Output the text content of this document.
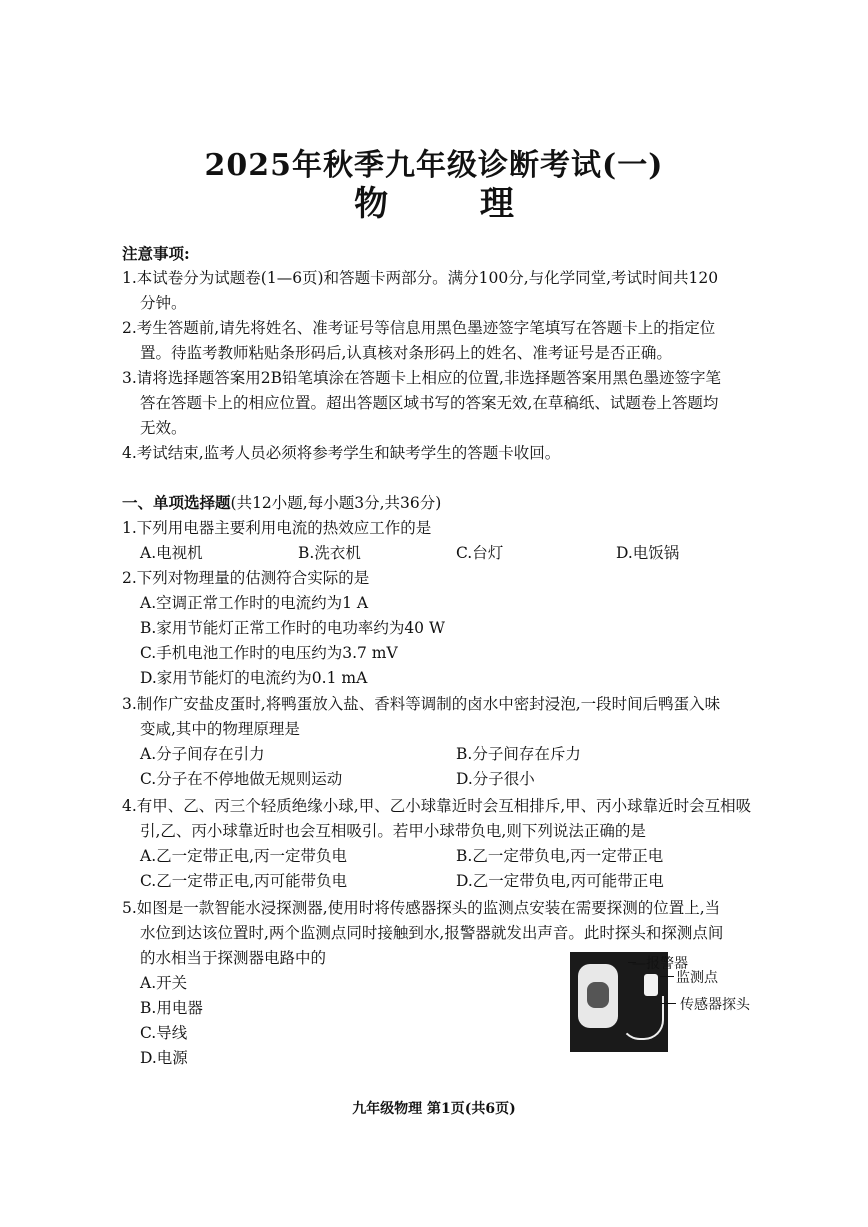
2025年秋季九年级诊断考试(一)
物 理
注意事项:
1.本试卷分为试题卷(1—6页)和答题卡两部分。满分100分,与化学同堂,考试时间共120
分钟。
2.考生答题前,请先将姓名、准考证号等信息用黑色墨迹签字笔填写在答题卡上的指定位
置。待监考教师粘贴条形码后,认真核对条形码上的姓名、准考证号是否正确。
3.请将选择题答案用2B铅笔填涂在答题卡上相应的位置,非选择题答案用黑色墨迹签字笔
答在答题卡上的相应位置。超出答题区域书写的答案无效,在草稿纸、试题卷上答题均
无效。
4.考试结束,监考人员必须将参考学生和缺考学生的答题卡收回。
一、单项选择题(共12小题,每小题3分,共36分)
1.下列用电器主要利用电流的热效应工作的是
A.电视机	B.洗衣机	C.台灯	D.电饭锅
2.下列对物理量的估测符合实际的是
A.空调正常工作时的电流约为1 A
B.家用节能灯正常工作时的电功率约为40 W
C.手机电池工作时的电压约为3.7 mV
D.家用节能灯的电流约为0.1 mA
3.制作广安盐皮蛋时,将鸭蛋放入盐、香料等调制的卤水中密封浸泡,一段时间后鸭蛋入味
变咸,其中的物理原理是
A.分子间存在引力	B.分子间存在斥力
C.分子在不停地做无规则运动	D.分子很小
4.有甲、乙、丙三个轻质绝缘小球,甲、乙小球靠近时会互相排斥,甲、丙小球靠近时会互相吸
引,乙、丙小球靠近时也会互相吸引。若甲小球带负电,则下列说法正确的是
A.乙一定带正电,丙一定带负电	B.乙一定带负电,丙一定带正电
C.乙一定带正电,丙可能带负电	D.乙一定带负电,丙可能带正电
5.如图是一款智能水浸探测器,使用时将传感器探头的监测点安装在需要探测的位置上,当
水位到达该位置时,两个监测点同时接触到水,报警器就发出声音。此时探头和探测点间
的水相当于探测器电路中的
A.开关
B.用电器
C.导线
D.电源
—报警器
监测点
传感器探头
九年级物理 第1页(共6页)
